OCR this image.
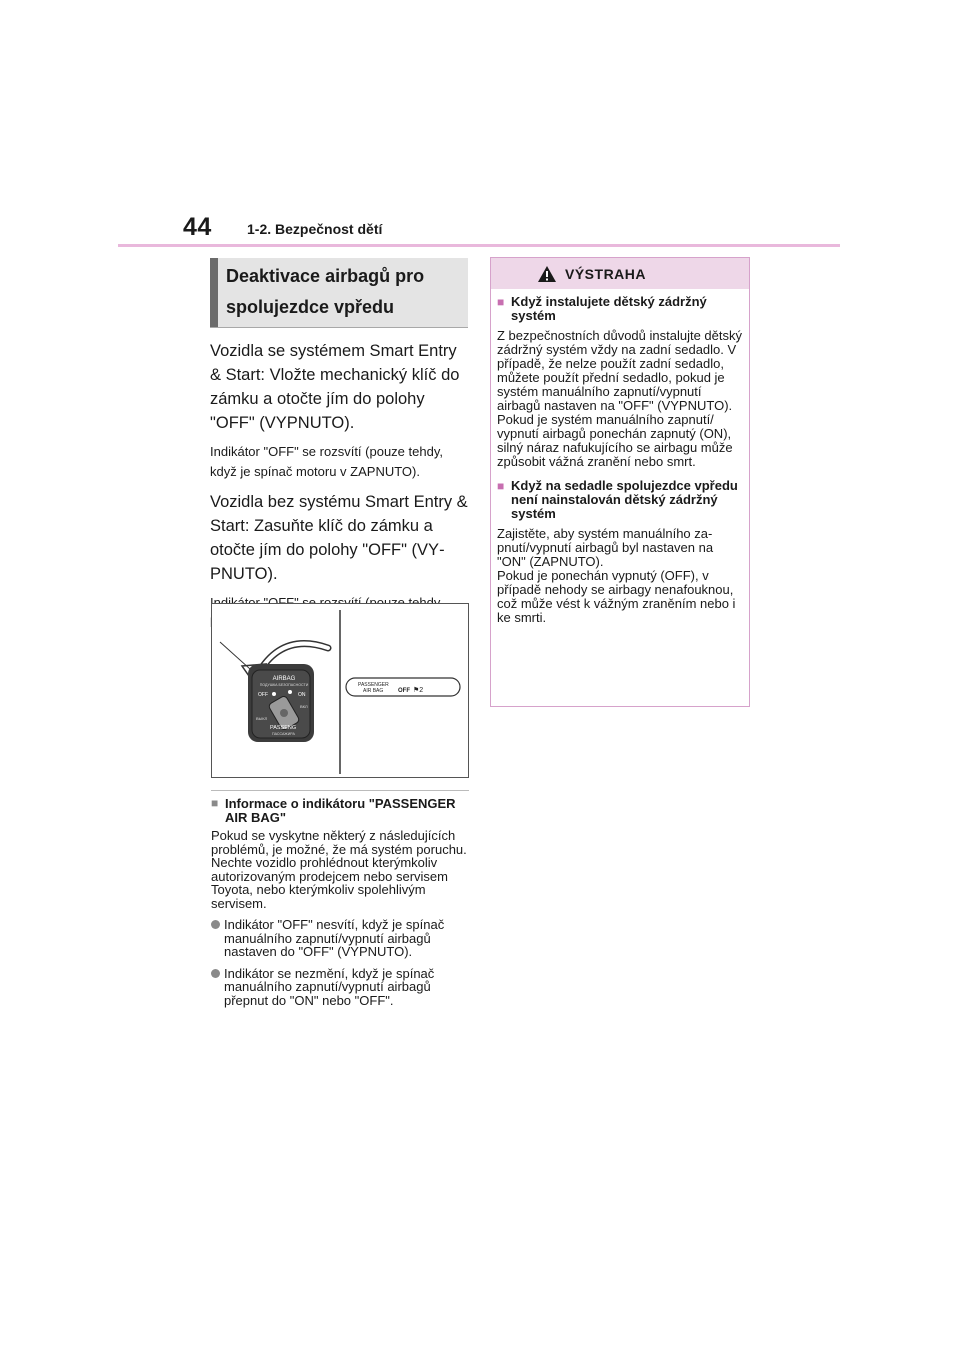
44	1-2. Bezpečnost dětí
Deaktivace airbagů pro spolujezdce vpředu

Vozidla se systémem Smart Entry & Start: Vložte mechanický klíč do zámku a otočte jím do polohy "OFF" (VYPNUTO).

Indikátor "OFF" se rozsvítí (pouze tehdy, když je spínač motoru v ZAPNUTO).

Vozidla bez systému Smart Entry & Start: Zasuňte klíč do zámku a otočte jím do polohy "OFF" (VYPNUTO).

AIRBAG
ПОДУШКА БЕЗОПАСНОСТИ
OFF
ВЫКЛ
ON
ВКЛ
PASSENG
ПАССАЖИРА
PASSENGER
AIR BAG OFF ⚑2
■ Informace o indikátoru "PASSENGER AIR BAG"

Pokud se vyskytne některý z následujících problémů, je možné, že má systém poruchu. Nechte vozidlo prohlédnout kterýmkoliv autorizovaným prodejcem nebo servisem Toyota, nebo kterýmkoliv spolehlivým servisem.

Indikátor "OFF" nesvítí, když je spínač manuálního zapnutí/vypnutí airbagů nastaven do "OFF" (VYPNUTO).
Indikátor se nezmění, když je spínač manuálního zapnutí/vypnutí airbagů přepnut do "ON" nebo "OFF".
VÝSTRAHA
■ Když instalujete dětský zádržný systém

Z bezpečnostních důvodů instalujte dětský zádržný systém vždy na zadní sedadlo. V případě, že nelze použít zadní sedadlo, můžete použít přední sedadlo, pokud je systém manuálního zapnutí/vypnutí airbagů nastaven na "OFF" (VYPNUTO).

Pokud je systém manuálního zapnutí/ vypnutí airbagů ponechán zapnutý (ON), silný náraz nafukujícího se airbagu může způsobit vážná zranění nebo smrt.

■ Když na sedadle spolujezdce vpředu není nainstalován dětský zádržný systém

Zajistěte, aby systém manuálního zapnutí/vypnutí airbagů byl nastaven na "ON" (ZAPNUTO).

Pokud je ponechán vypnutý (OFF), v případě nehody se airbagy nenafouknou, což může vést k vážným zraněním nebo i ke smrti.
